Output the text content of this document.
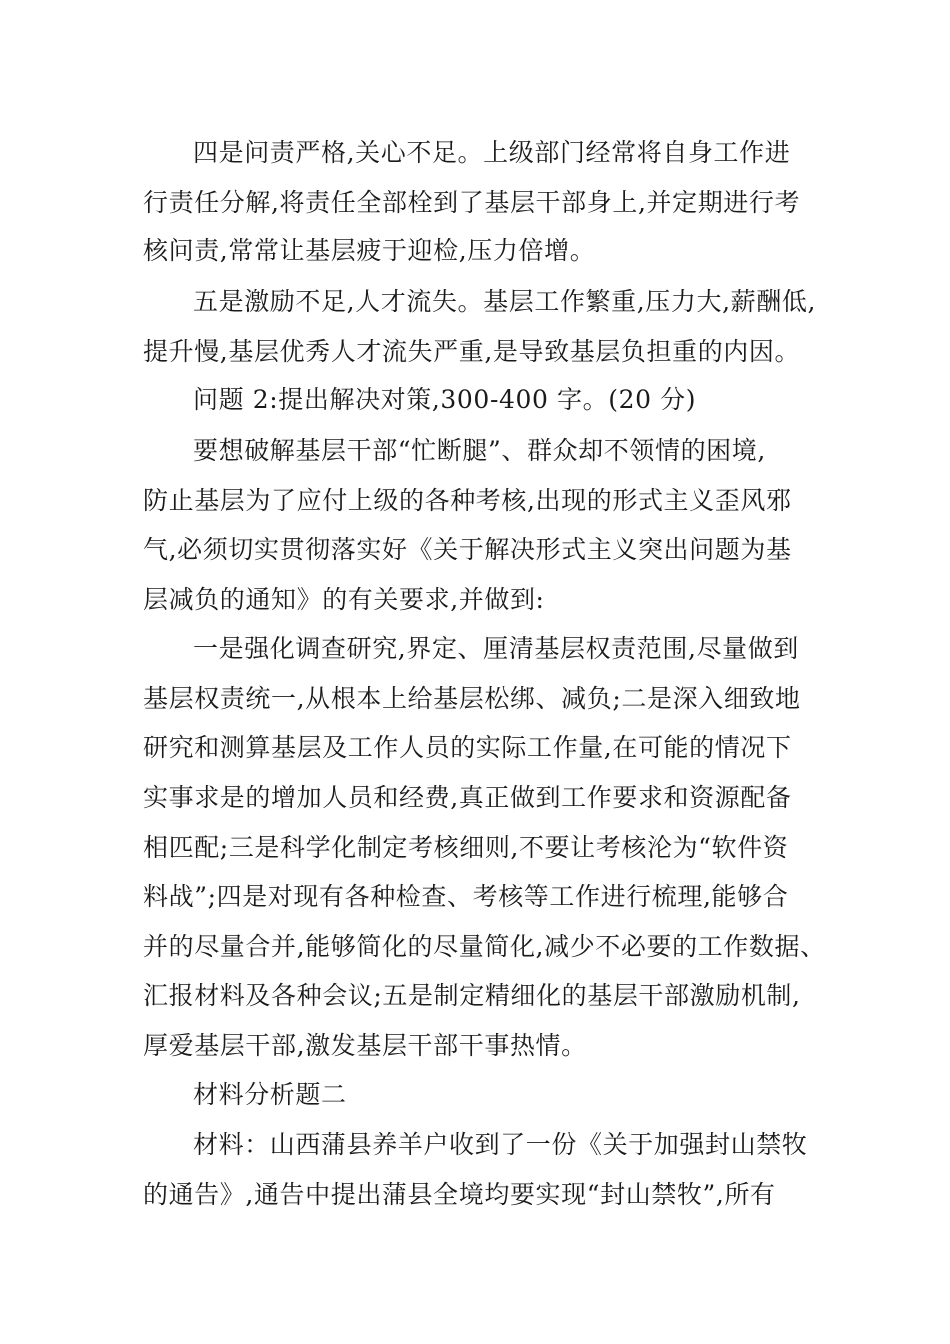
四是问责严格,关心不足。上级部门经常将自身工作进
行责任分解,将责任全部栓到了基层干部身上,并定期进行考
核问责,常常让基层疲于迎检,压力倍增。
五是激励不足,人才流失。基层工作繁重,压力大,薪酬低,
提升慢,基层优秀人才流失严重,是导致基层负担重的内因。
问题 2:提出解决对策,300-400 字。(20 分)
要想破解基层干部“忙断腿”、群众却不领情的困境,
防止基层为了应付上级的各种考核,出现的形式主义歪风邪
气,必须切实贯彻落实好《关于解决形式主义突出问题为基
层减负的通知》的有关要求,并做到:
一是强化调查研究,界定、厘清基层权责范围,尽量做到
基层权责统一,从根本上给基层松绑、减负;二是深入细致地
研究和测算基层及工作人员的实际工作量,在可能的情况下
实事求是的增加人员和经费,真正做到工作要求和资源配备
相匹配;三是科学化制定考核细则,不要让考核沦为“软件资
料战”;四是对现有各种检查、考核等工作进行梳理,能够合
并的尽量合并,能够简化的尽量简化,减少不必要的工作数据、
汇报材料及各种会议;五是制定精细化的基层干部激励机制,
厚爱基层干部,激发基层干部干事热情。
材料分析题二
材料：山西蒲县养羊户收到了一份《关于加强封山禁牧
的通告》,通告中提出蒲县全境均要实现“封山禁牧”,所有
